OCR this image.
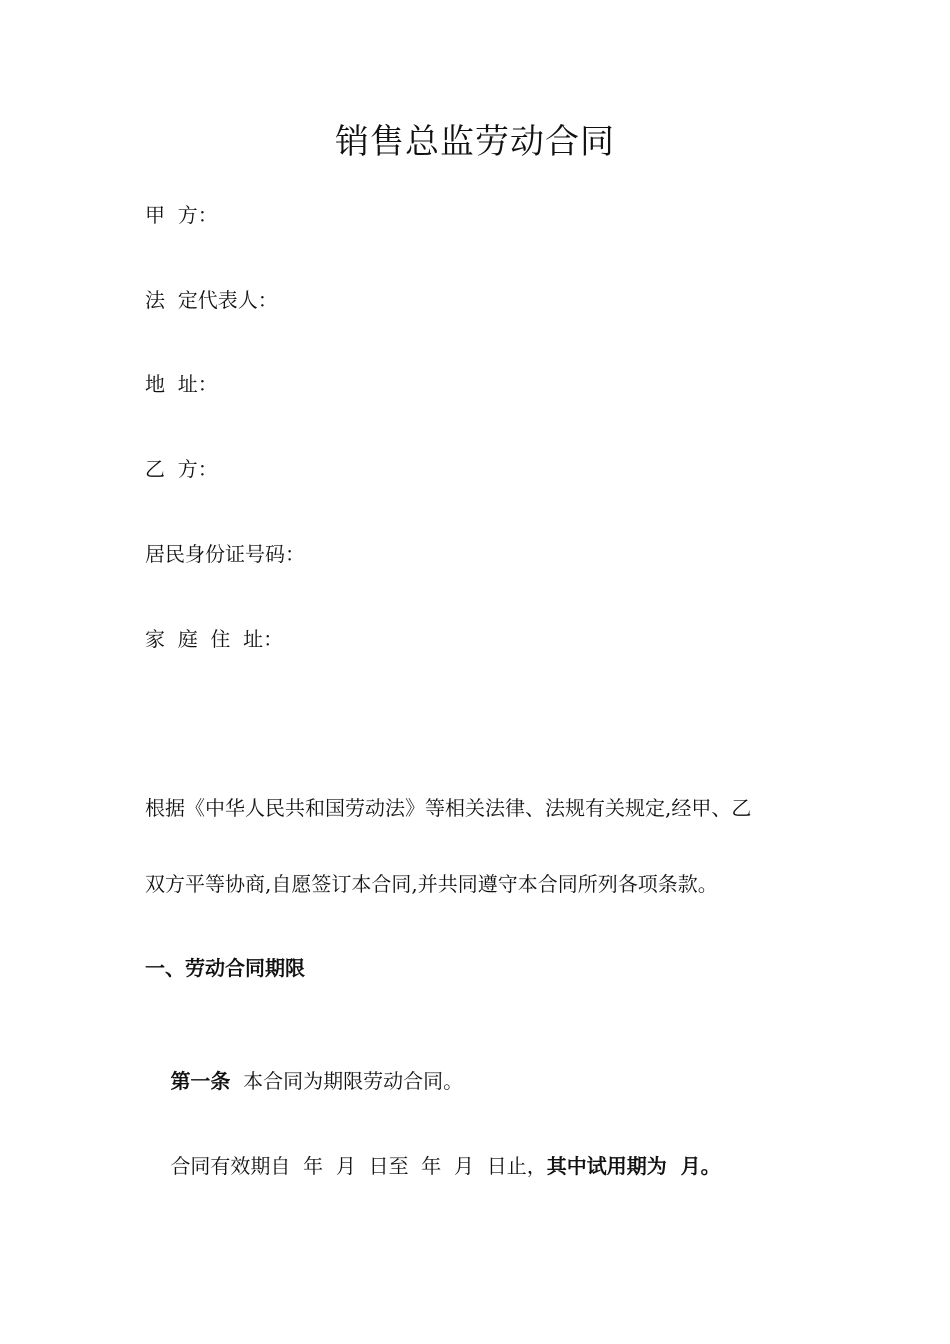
销售总监劳动合同
甲  方：
法  定代表人：
地  址：
乙  方：
居民身份证号码：
家  庭  住  址：
根据《中华人民共和国劳动法》等相关法律、法规有关规定,经甲、乙
双方平等协商,自愿签订本合同,并共同遵守本合同所列各项条款。
一、劳动合同期限

第一条  本合同为期限劳动合同。

合同有效期自  年  月  日至  年  月  日止，其中试用期为  月。
